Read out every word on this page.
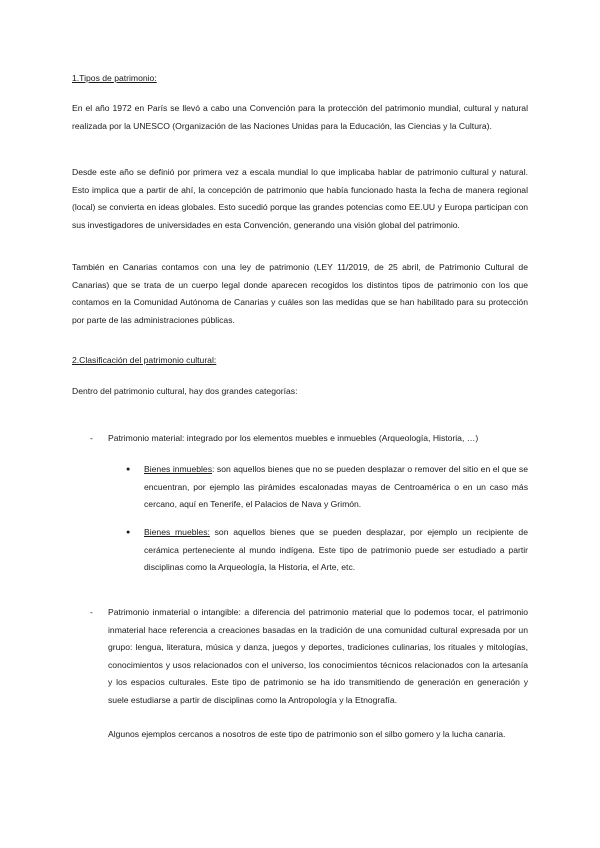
1.Tipos de patrimonio:

En el año 1972 en París se llevó a cabo una Convención para la protección del patrimonio mundial, cultural y natural realizada por la UNESCO (Organización de las Naciones Unidas para la Educación, las Ciencias y la Cultura).

Desde este año se definió por primera vez a escala mundial lo que implicaba hablar de patrimonio cultural y natural. Esto implica que a partir de ahí, la concepción de patrimonio que había funcionado hasta la fecha de manera regional (local) se convierta en ideas globales. Esto sucedió porque las grandes potencias como EE.UU y Europa participan con sus investigadores de universidades en esta Convención, generando una visión global del patrimonio.

También en Canarias contamos con una ley de patrimonio (LEY 11/2019, de 25 abril, de Patrimonio Cultural de Canarias) que se trata de un cuerpo legal donde aparecen recogidos los distintos tipos de patrimonio con los que contamos en la Comunidad Autónoma de Canarias y cuáles son las medidas que se han habilitado para su protección por parte de las administraciones públicas.

2.Clasificación del patrimonio cultural:

Dentro del patrimonio cultural, hay dos grandes categorías:

- Patrimonio material: integrado por los elementos muebles e inmuebles (Arqueología, Historia, …)
● Bienes inmuebles: son aquellos bienes que no se pueden desplazar o remover del sitio en el que se encuentran, por ejemplo las pirámides escalonadas mayas de Centroamérica o en un caso más cercano, aquí en Tenerife, el Palacios de Nava y Grimón.
● Bienes muebles: son aquellos bienes que se pueden desplazar, por ejemplo un recipiente de cerámica perteneciente al mundo indígena. Este tipo de patrimonio puede ser estudiado a partir disciplinas como la Arqueología, la Historia, el Arte, etc.
- Patrimonio inmaterial o intangible: a diferencia del patrimonio material que lo podemos tocar, el patrimonio inmaterial hace referencia a creaciones basadas en la tradición de una comunidad cultural expresada por un grupo: lengua, literatura, música y danza, juegos y deportes, tradiciones culinarias, los rituales y mitologías, conocimientos y usos relacionados con el universo, los conocimientos técnicos relacionados con la artesanía y los espacios culturales. Este tipo de patrimonio se ha ido transmitiendo de generación en generación y suele estudiarse a partir de disciplinas como la Antropología y la Etnografía.

Algunos ejemplos cercanos a nosotros de este tipo de patrimonio son el silbo gomero y la lucha canaria.
